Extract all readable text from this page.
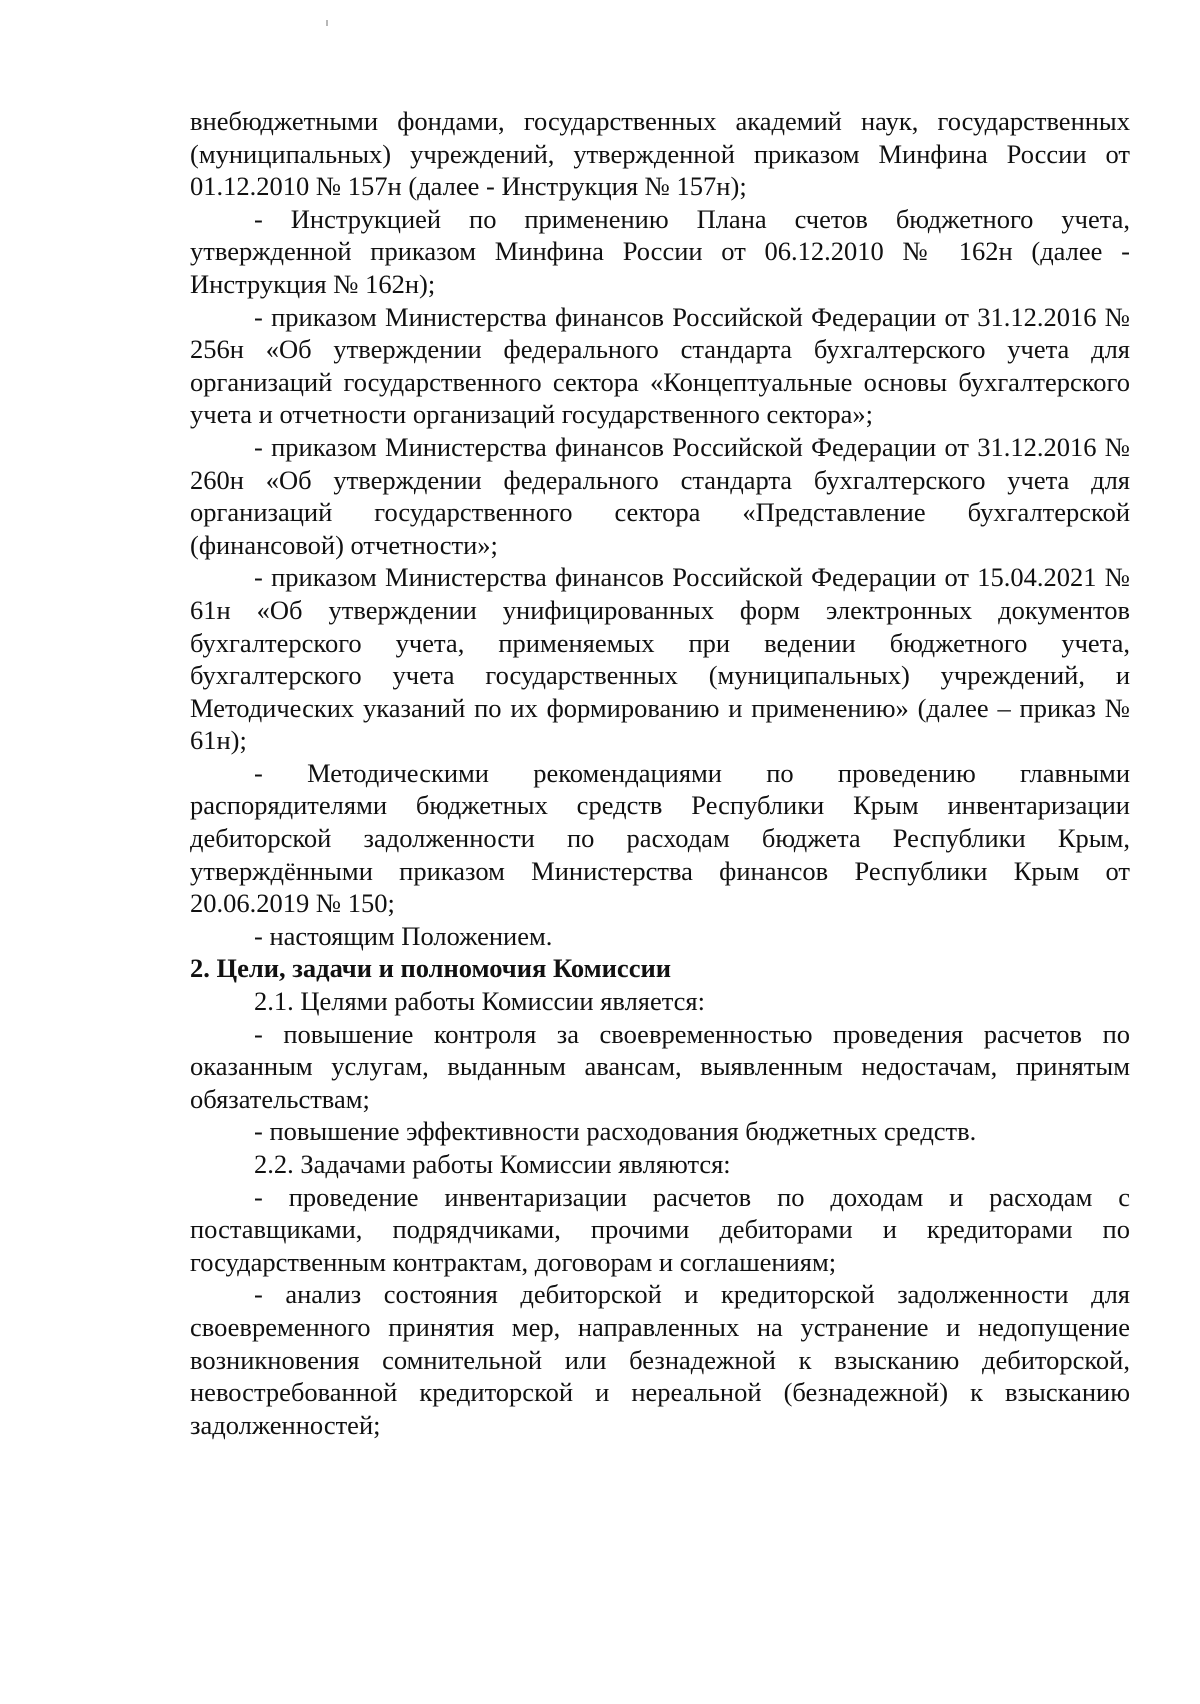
внебюджетными фондами, государственных академий наук, государственных (муниципальных) учреждений, утвержденной приказом Минфина России от 01.12.2010 № 157н (далее - Инструкция № 157н);

- Инструкцией по применению Плана счетов бюджетного учета, утвержденной приказом Минфина России от 06.12.2010 № 162н (далее - Инструкция № 162н);

- приказом Министерства финансов Российской Федерации от 31.12.2016 № 256н «Об утверждении федерального стандарта бухгалтерского учета для организаций государственного сектора «Концептуальные основы бухгалтерского учета и отчетности организаций государственного сектора»;

- приказом Министерства финансов Российской Федерации от 31.12.2016 № 260н «Об утверждении федерального стандарта бухгалтерского учета для организаций государственного сектора «Представление бухгалтерской (финансовой) отчетности»;

- приказом Министерства финансов Российской Федерации от 15.04.2021 № 61н «Об утверждении унифицированных форм электронных документов бухгалтерского учета, применяемых при ведении бюджетного учета, бухгалтерского учета государственных (муниципальных) учреждений, и Методических указаний по их формированию и применению» (далее – приказ № 61н);

- Методическими рекомендациями по проведению главными распорядителями бюджетных средств Республики Крым инвентаризации дебиторской задолженности по расходам бюджета Республики Крым, утверждёнными приказом Министерства финансов Республики Крым от 20.06.2019 № 150;

- настоящим Положением.

2. Цели, задачи и полномочия Комиссии

2.1. Целями работы Комиссии является:

- повышение контроля за своевременностью проведения расчетов по оказанным услугам, выданным авансам, выявленным недостачам, принятым обязательствам;

- повышение эффективности расходования бюджетных средств.

2.2. Задачами работы Комиссии являются:

- проведение инвентаризации расчетов по доходам и расходам с поставщиками, подрядчиками, прочими дебиторами и кредиторами по государственным контрактам, договорам и соглашениям;

- анализ состояния дебиторской и кредиторской задолженности для своевременного принятия мер, направленных на устранение и недопущение возникновения сомнительной или безнадежной к взысканию дебиторской, невостребованной кредиторской и нереальной (безнадежной) к взысканию задолженностей;
